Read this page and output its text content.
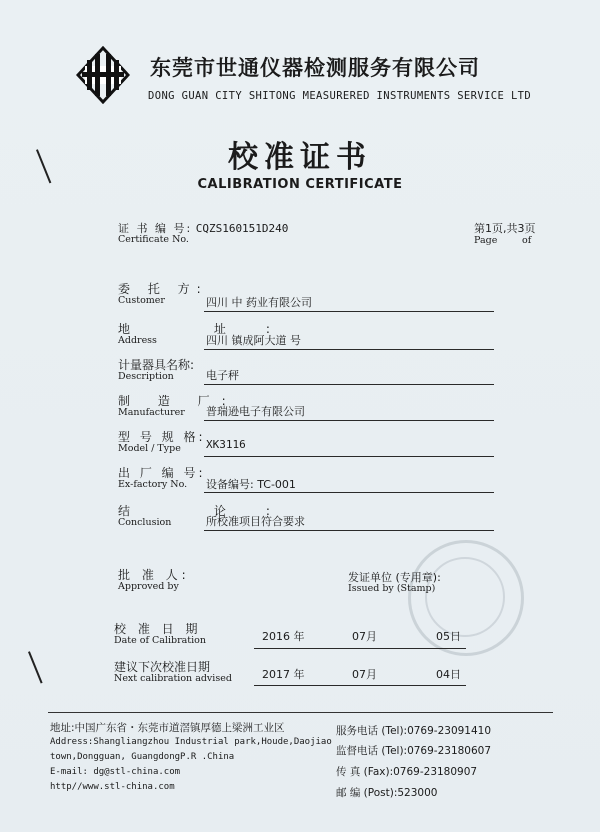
东莞市世通仪器检测服务有限公司
DONG GUAN CITY SHITONG MEASURERED INSTRUMENTS SERVICE LTD
校准证书
CALIBRATION CERTIFICATE
证 书 编 号: CQZS160151D240
Certificate No.
第1页,共3页
Page	of
委 托 方:
Customer	四川 中 药业有限公司
地 址:
Address	四川 镇成阿大道 号
计量器具名称:
Description	电子秤
制 造 厂:
Manufacturer 普瑞逊电子有限公司
型 号 规 格:
Model / Type XK3116
出 厂 编 号:
Ex-factory No. 设备编号: TC-001
结 论:
Conclusion	所校准项目符合要求
批 准 人:
Approved by
发证单位 (专用章):
Issued by (Stamp)
校 准 日 期
Date of Calibration	2016 年	07月	05日
建议下次校准日期
Next calibration advised	2017 年	07月	04日
地址:中国广东省・东莞市道滘镇厚德上梁洲工业区
Address:Shangliangzhou Industrial park,Houde,Daojiao
town,Dongguan, GuangdongP.R .China
E-mail: dg@stl-china.com
http//www.stl-china.com
服务电话 (Tel):0769-23091410
监督电话 (Tel):0769-23180607
传 真 (Fax):0769-23180907
邮 编 (Post):523000
